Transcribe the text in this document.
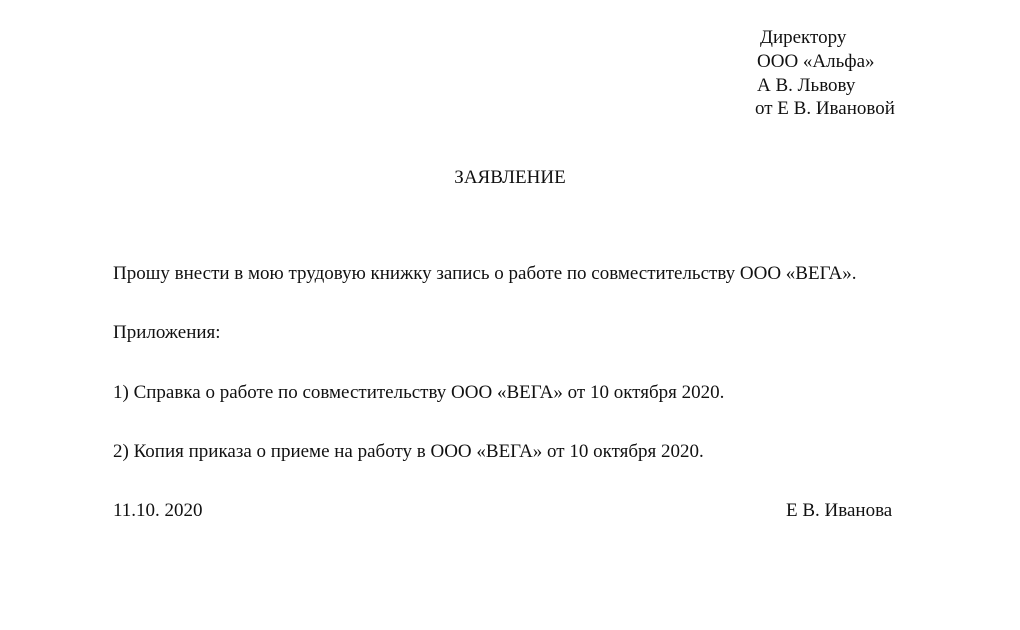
Директору
ООО «Альфа»
А В. Львову
от Е В. Ивановой
ЗАЯВЛЕНИЕ
Прошу внести в мою трудовую книжку запись о работе по совместительству ООО «ВЕГА».
Приложения:
1) Справка о работе по совместительству ООО «ВЕГА» от 10 октября 2020.
2) Копия приказа о приеме на работу в ООО «ВЕГА» от 10 октября 2020.
11.10. 2020	Е В. Иванова
